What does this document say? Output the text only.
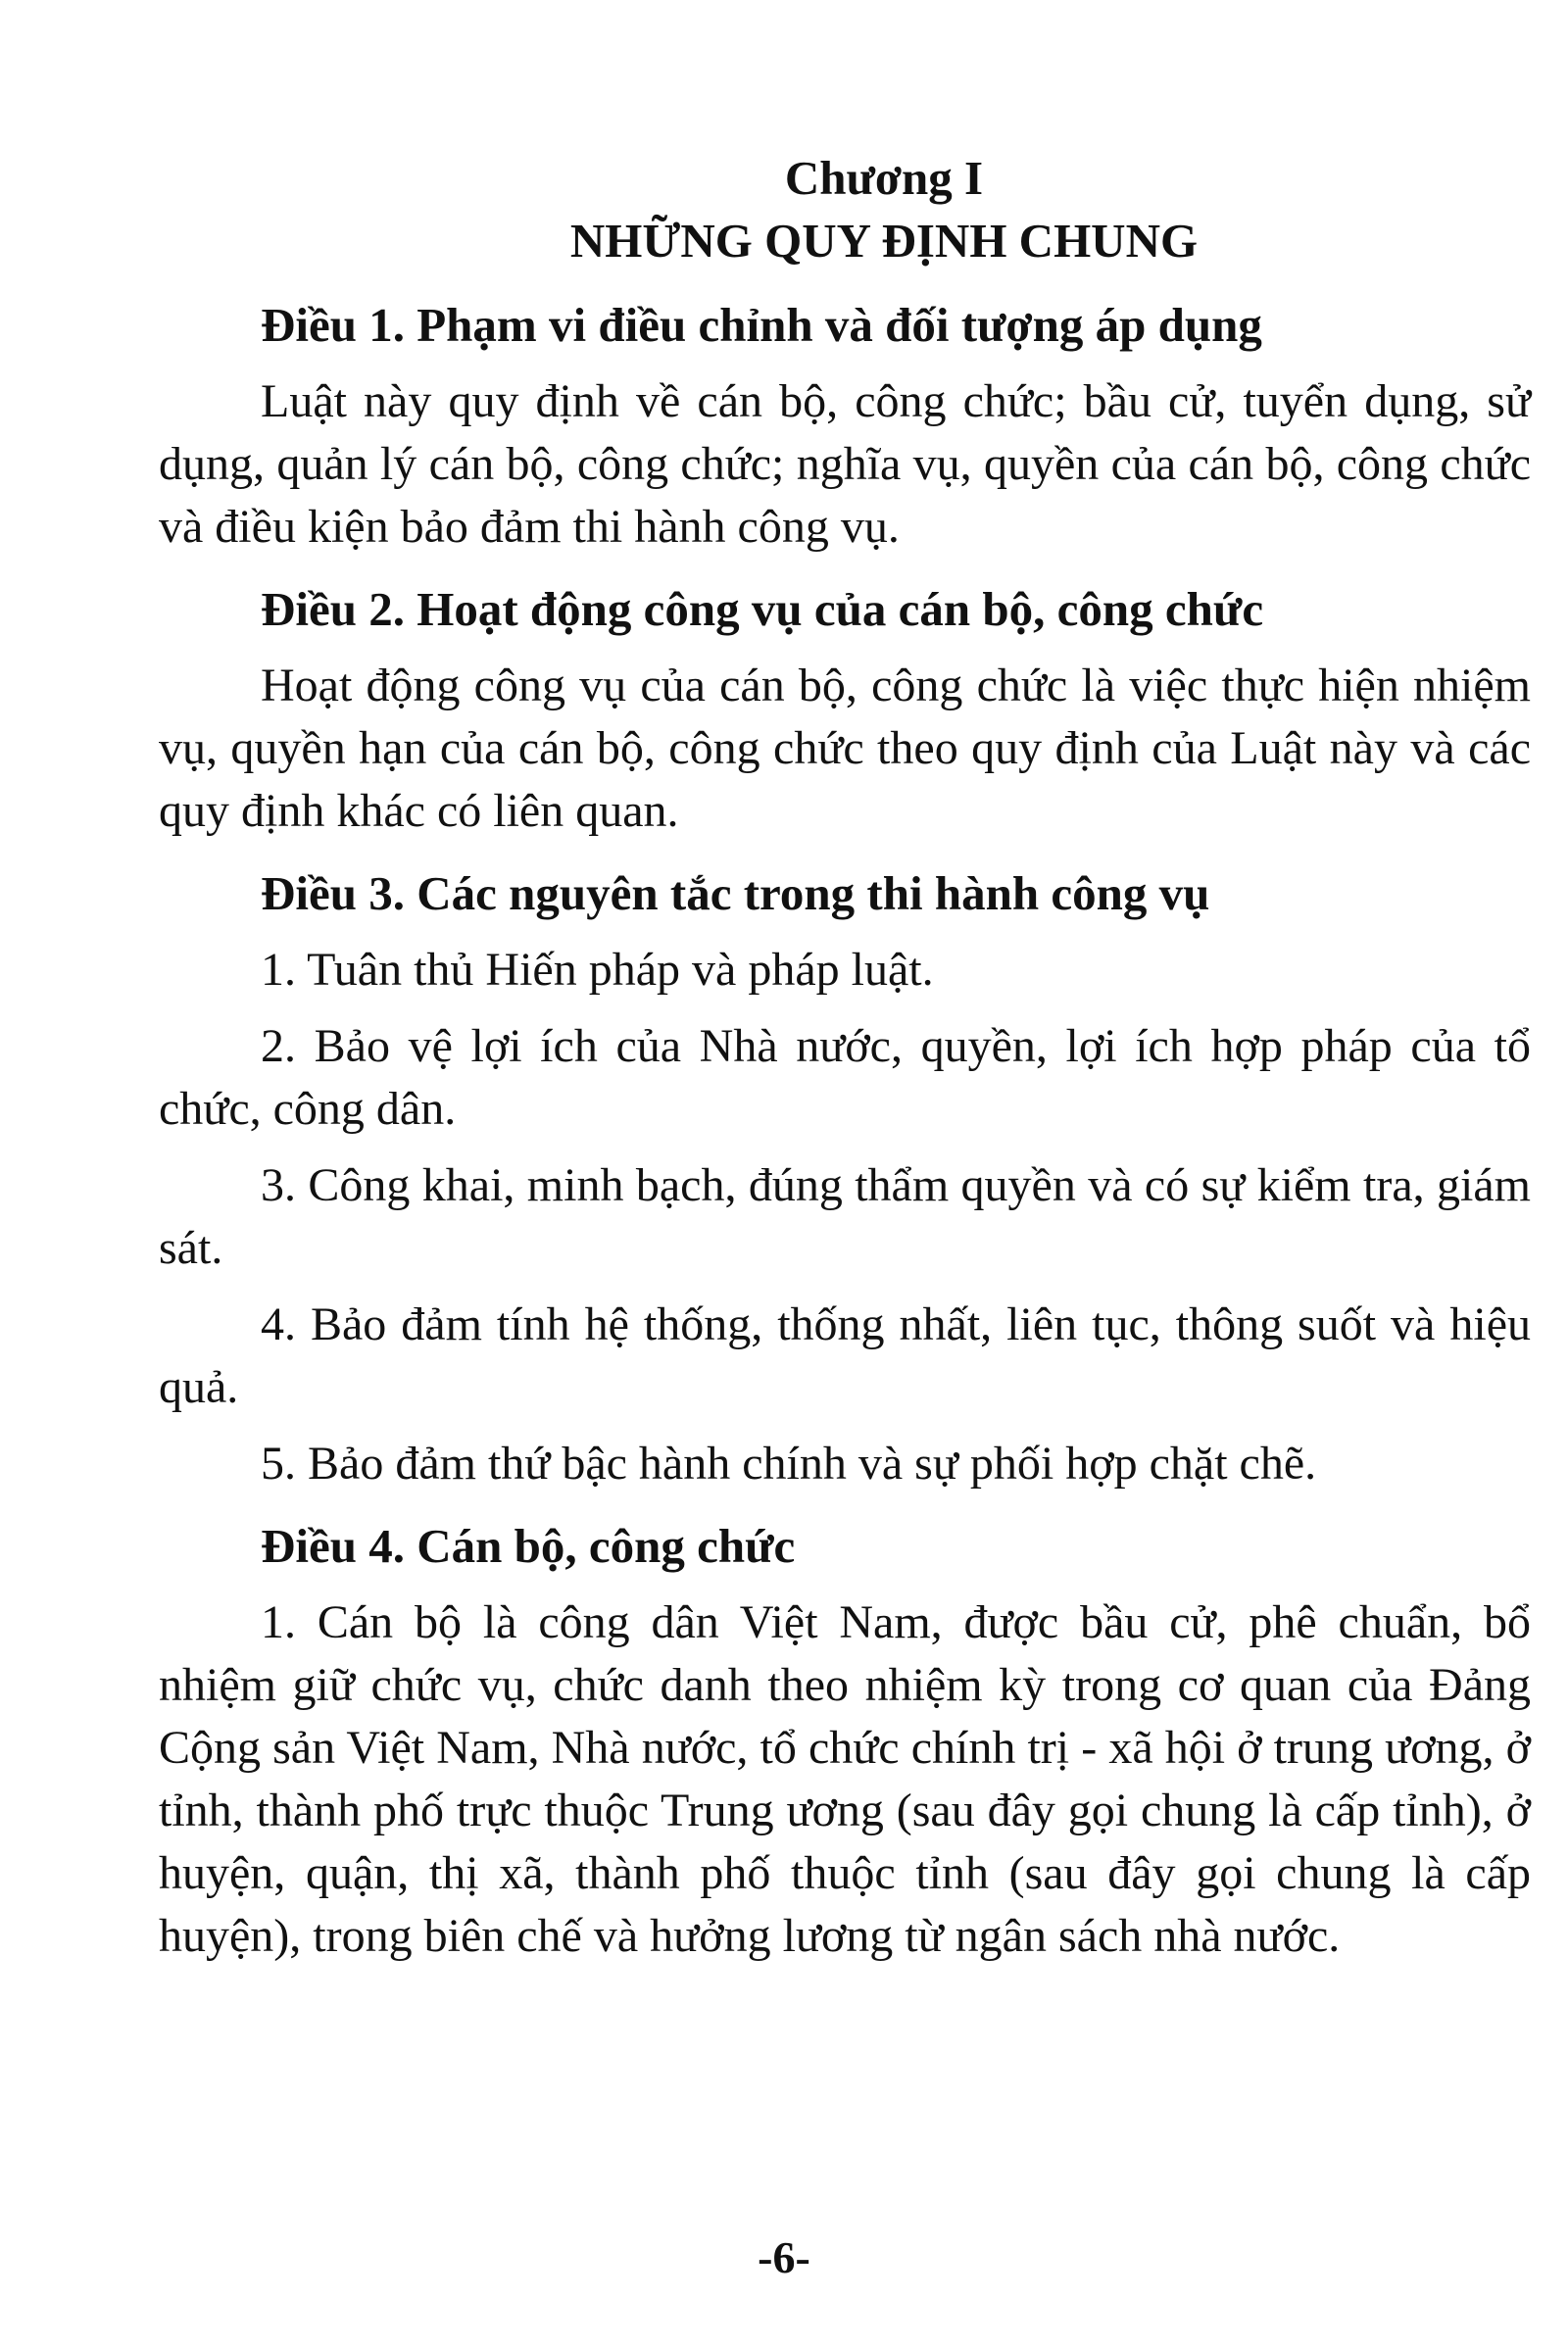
Chương I

NHỮNG QUY ĐỊNH CHUNG

Điều 1. Phạm vi điều chỉnh và đối tượng áp dụng

Luật này quy định về cán bộ, công chức; bầu cử, tuyển dụng, sử dụng, quản lý cán bộ, công chức; nghĩa vụ, quyền của cán bộ, công chức và điều kiện bảo đảm thi hành công vụ.

Điều 2. Hoạt động công vụ của cán bộ, công chức

Hoạt động công vụ của cán bộ, công chức là việc thực hiện nhiệm vụ, quyền hạn của cán bộ, công chức theo quy định của Luật này và các quy định khác có liên quan.

Điều 3. Các nguyên tắc trong thi hành công vụ

1. Tuân thủ Hiến pháp và pháp luật.

2. Bảo vệ lợi ích của Nhà nước, quyền, lợi ích hợp pháp của tổ chức, công dân.

3. Công khai, minh bạch, đúng thẩm quyền và có sự kiểm tra, giám sát.

4. Bảo đảm tính hệ thống, thống nhất, liên tục, thông suốt và hiệu quả.

5. Bảo đảm thứ bậc hành chính và sự phối hợp chặt chẽ.

Điều 4. Cán bộ, công chức

1. Cán bộ là công dân Việt Nam, được bầu cử, phê chuẩn, bổ nhiệm giữ chức vụ, chức danh theo nhiệm kỳ trong cơ quan của Đảng Cộng sản Việt Nam, Nhà nước, tổ chức chính trị - xã hội ở trung ương, ở tỉnh, thành phố trực thuộc Trung ương (sau đây gọi chung là cấp tỉnh), ở huyện, quận, thị xã, thành phố thuộc tỉnh (sau đây gọi chung là cấp huyện), trong biên chế và hưởng lương từ ngân sách nhà nước.

-6-
